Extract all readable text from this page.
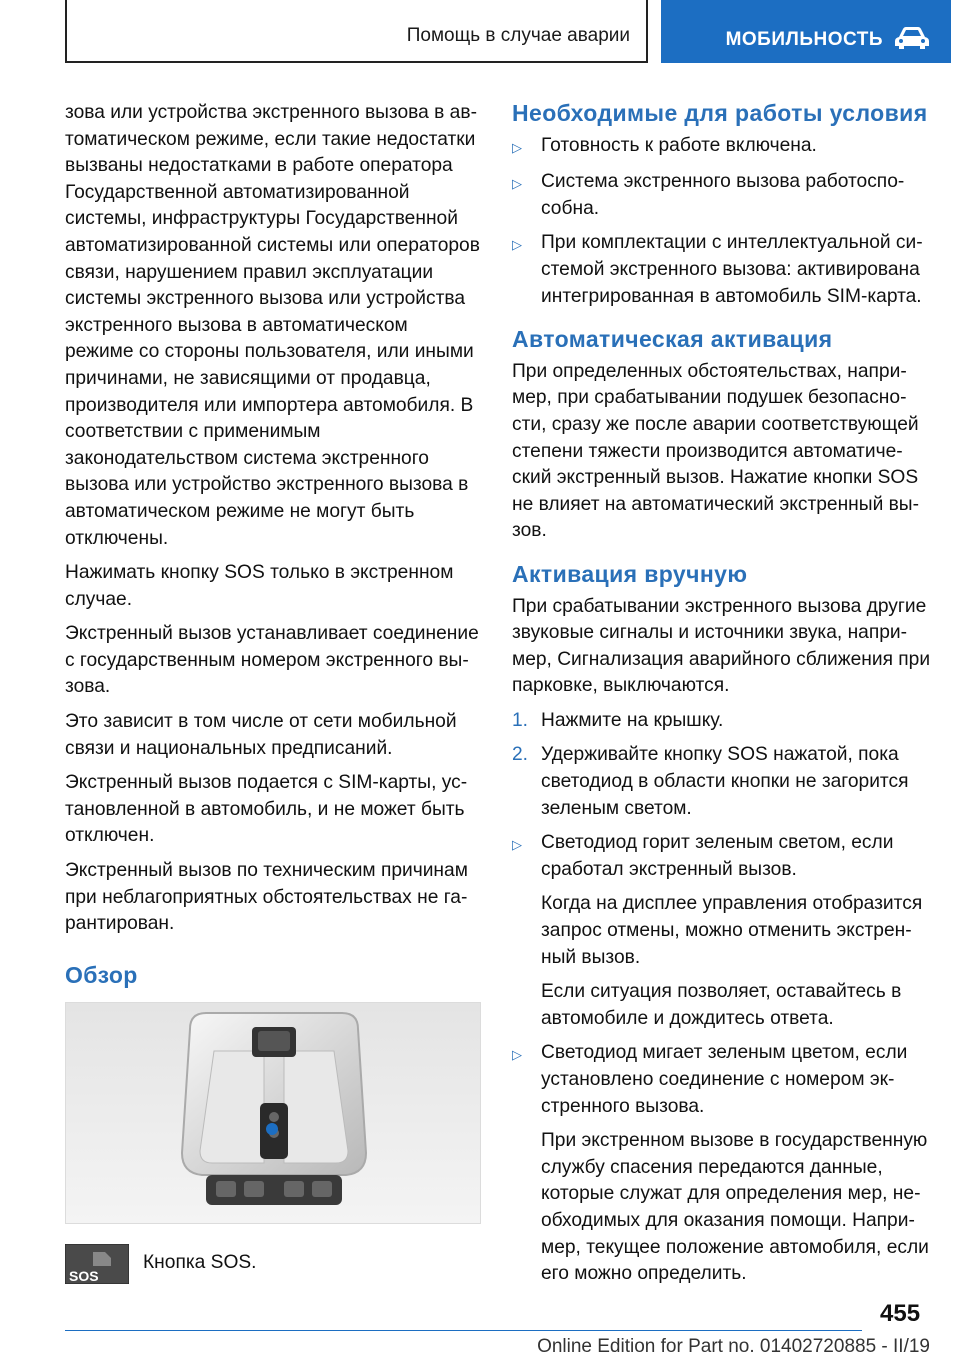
Помощь в случае аварии	МОБИЛЬНОСТЬ

зова или устройства экстренного вызова в автоматическом режиме, если такие недостатки вызваны недостатками в работе оператора Государственной автоматизированной системы, инфраструктуры Государственной автоматизированной системы или операторов связи, нарушением правил эксплуатации системы экстренного вызова или устройства экстренного вызова в автоматическом режиме со стороны пользователя, или иными причинами, не зависящими от продавца, производителя или импортера автомобиля. В соответствии с применимым законодательством система экстренного вызова или устройство экстренного вызова в автоматическом режиме не могут быть отключены.

Нажимать кнопку SOS только в экстренном случае.

Экстренный вызов устанавливает соединение с государственным номером экстренного вызова.

Это зависит в том числе от сети мобильной связи и национальных предписаний.

Экстренный вызов подается с SIM-карты, установленной в автомобиль, и не может быть отключен.

Экстренный вызов по техническим причинам при неблагоприятных обстоятельствах не гарантирован.

Обзор
SOS
Кнопка SOS.
Необходимые для работы условия
▷ Готовность к работе включена.

▷ Система экстренного вызова работоспособна.

▷ При комплектации с интеллектуальной системой экстренного вызова: активирована интегрированная в автомобиль SIM-карта.

Автоматическая активация

При определенных обстоятельствах, например, при срабатывании подушек безопасности, сразу же после аварии соответствующей степени тяжести производится автоматический экстренный вызов. Нажатие кнопки SOS не влияет на автоматический экстренный вызов.

Активация вручную

При срабатывании экстренного вызова другие звуковые сигналы и источники звука, например, Сигнализация аварийного сближения при парковке, выключаются.

1. Нажмите на крышку.

2. Удерживайте кнопку SOS нажатой, пока светодиод в области кнопки не загорится зеленым светом.

▷ Светодиод горит зеленым светом, если сработал экстренный вызов.

Когда на дисплее управления отобразится запрос отмены, можно отменить экстренный вызов.

Если ситуация позволяет, оставайтесь в автомобиле и дождитесь ответа.

▷ Светодиод мигает зеленым цветом, если установлено соединение с номером экстренного вызова.

При экстренном вызове в государственную службу спасения передаются данные, которые служат для определения мер, необходимых для оказания помощи. Например, текущее положение автомобиля, если его можно определить.

455
Online Edition for Part no. 01402720885 - II/19
